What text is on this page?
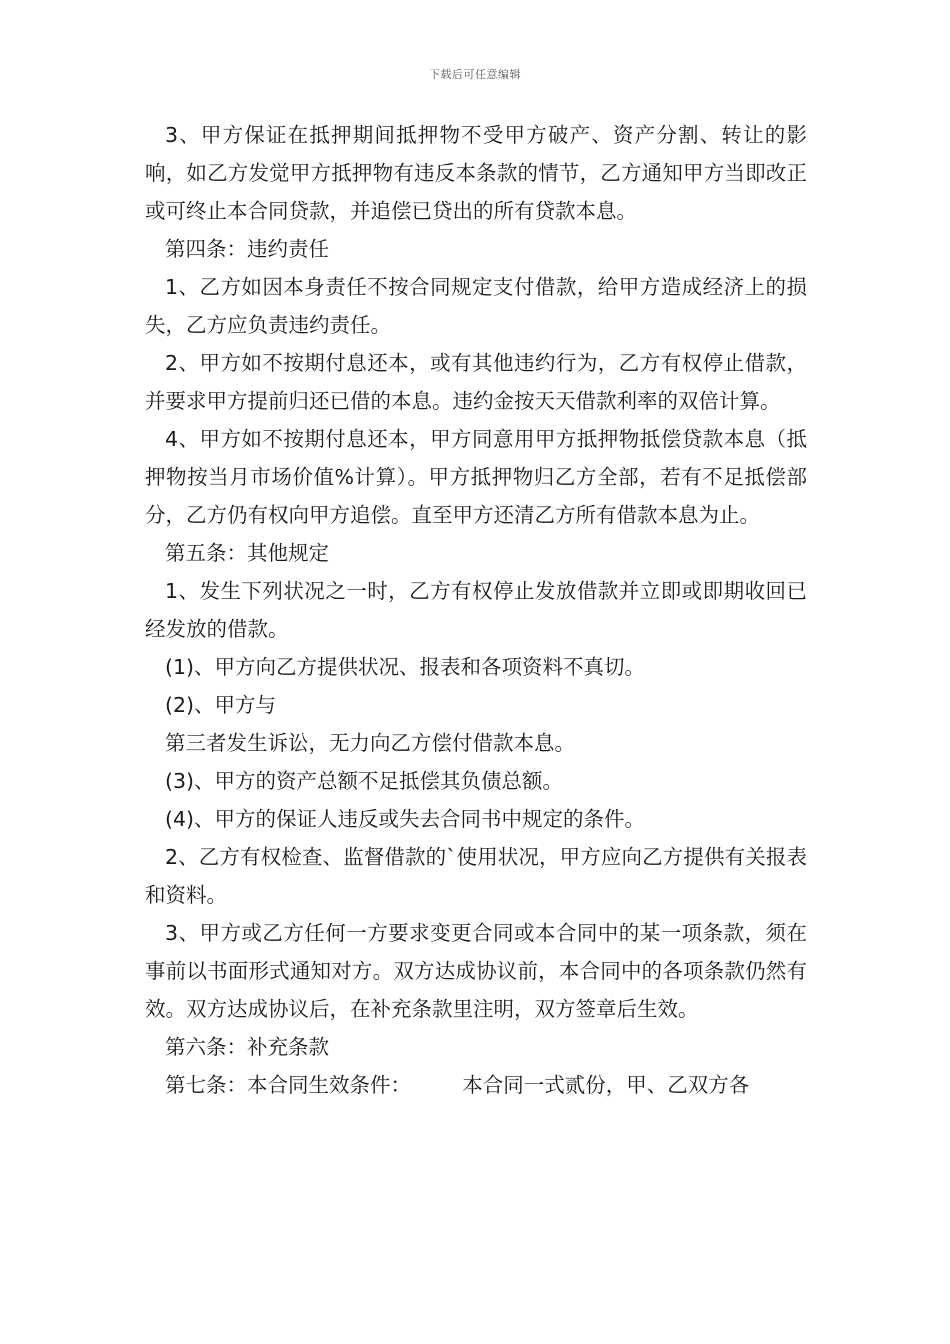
下载后可任意编辑

3、甲方保证在抵押期间抵押物不受甲方破产、资产分割、转让的影响，如乙方发觉甲方抵押物有违反本条款的情节，乙方通知甲方当即改正或可终止本合同贷款，并追偿已贷出的所有贷款本息。

第四条：违约责任

1、乙方如因本身责任不按合同规定支付借款，给甲方造成经济上的损失，乙方应负责违约责任。

2、甲方如不按期付息还本，或有其他违约行为，乙方有权停止借款，并要求甲方提前归还已借的本息。违约金按天天借款利率的双倍计算。

4、甲方如不按期付息还本，甲方同意用甲方抵押物抵偿贷款本息（抵押物按当月市场价值%计算）。甲方抵押物归乙方全部，若有不足抵偿部分，乙方仍有权向甲方追偿。直至甲方还清乙方所有借款本息为止。

第五条：其他规定

1、发生下列状况之一时，乙方有权停止发放借款并立即或即期收回已经发放的借款。

(1)、甲方向乙方提供状况、报表和各项资料不真切。

(2)、甲方与

第三者发生诉讼，无力向乙方偿付借款本息。

(3)、甲方的资产总额不足抵偿其负债总额。

(4)、甲方的保证人违反或失去合同书中规定的条件。

2、乙方有权检查、监督借款的`使用状况，甲方应向乙方提供有关报表和资料。

3、甲方或乙方任何一方要求变更合同或本合同中的某一项条款，须在事前以书面形式通知对方。双方达成协议前，本合同中的各项条款仍然有效。双方达成协议后，在补充条款里注明，双方签章后生效。

第六条：补充条款

第七条：本合同生效条件：　　　本合同一式贰份，甲、乙双方各
